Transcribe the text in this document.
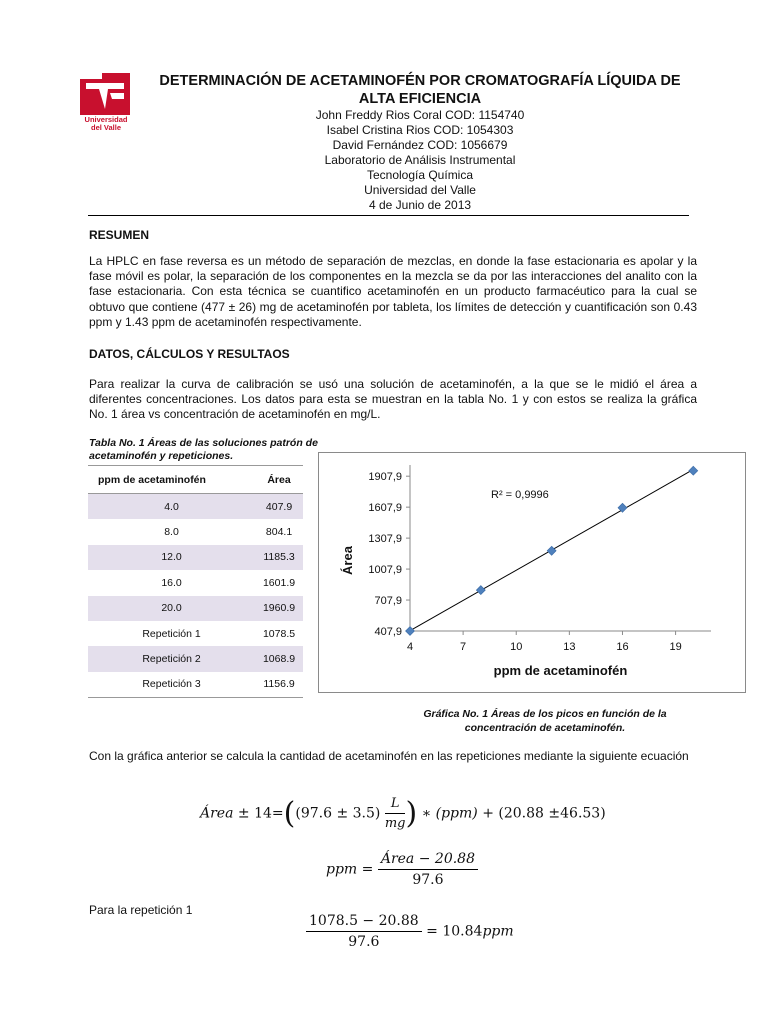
Universidad
del Valle
DETERMINACIÓN DE ACETAMINOFÉN POR CROMATOGRAFÍA LÍQUIDA DE
ALTA EFICIENCIA
John Freddy Rios Coral COD: 1154740
Isabel Cristina Rios COD: 1054303
David Fernández COD: 1056679
Laboratorio de Análisis Instrumental
Tecnología Química
Universidad del Valle
4 de Junio de 2013
RESUMEN
La HPLC en fase reversa es un método de separación de mezclas, en donde la fase estacionaria es apolar y la fase móvil es polar, la separación de los componentes en la mezcla se da por las interacciones del analito con la fase estacionaria. Con esta técnica se cuantifico acetaminofén en un producto farmacéutico para la cual se obtuvo que contiene (477 ± 26) mg de acetaminofén por tableta, los límites de detección y cuantificación son 0.43 ppm y 1.43 ppm de acetaminofén respectivamente.
DATOS, CÁLCULOS Y RESULTAOS
Para realizar la curva de calibración se usó una solución de acetaminofén, a la que se le midió el área a diferentes concentraciones. Los datos para esta se muestran en la tabla No. 1 y con estos se realiza la gráfica No. 1 área vs concentración de acetaminofén en mg/L.
Tabla No. 1 Áreas de las soluciones patrón de
acetaminofén y repeticiones.
ppm de acetaminofén	Área
4.0	407.9
8.0	804.1
12.0	1185.3
16.0	1601.9
20.0	1960.9
Repetición 1	1078.5
Repetición 2	1068.9
Repetición 3	1156.9
407,9
707,9
1007,9
1307,9
1607,9
1907,9
4	7	10	13	16	19
ppm de acetaminofén
Área
R² = 0,9996
Gráfica No. 1 Áreas de los picos en función de la
concentración de acetaminofén.
Con la gráfica anterior se calcula la cantidad de acetaminofén en las repeticiones mediante la siguiente ecuación
Área ± $14=((97.6 \pm 3.5) \frac{L}{mg}$ ) ∗ (ppm) + (20.88 ±46.53)
ppm = $\frac{\text{Área − 20.88}}{97.6}$
Para la repetición 1
$\frac{1078.5 - 20.88}{97.6} = 10.84ppm$
